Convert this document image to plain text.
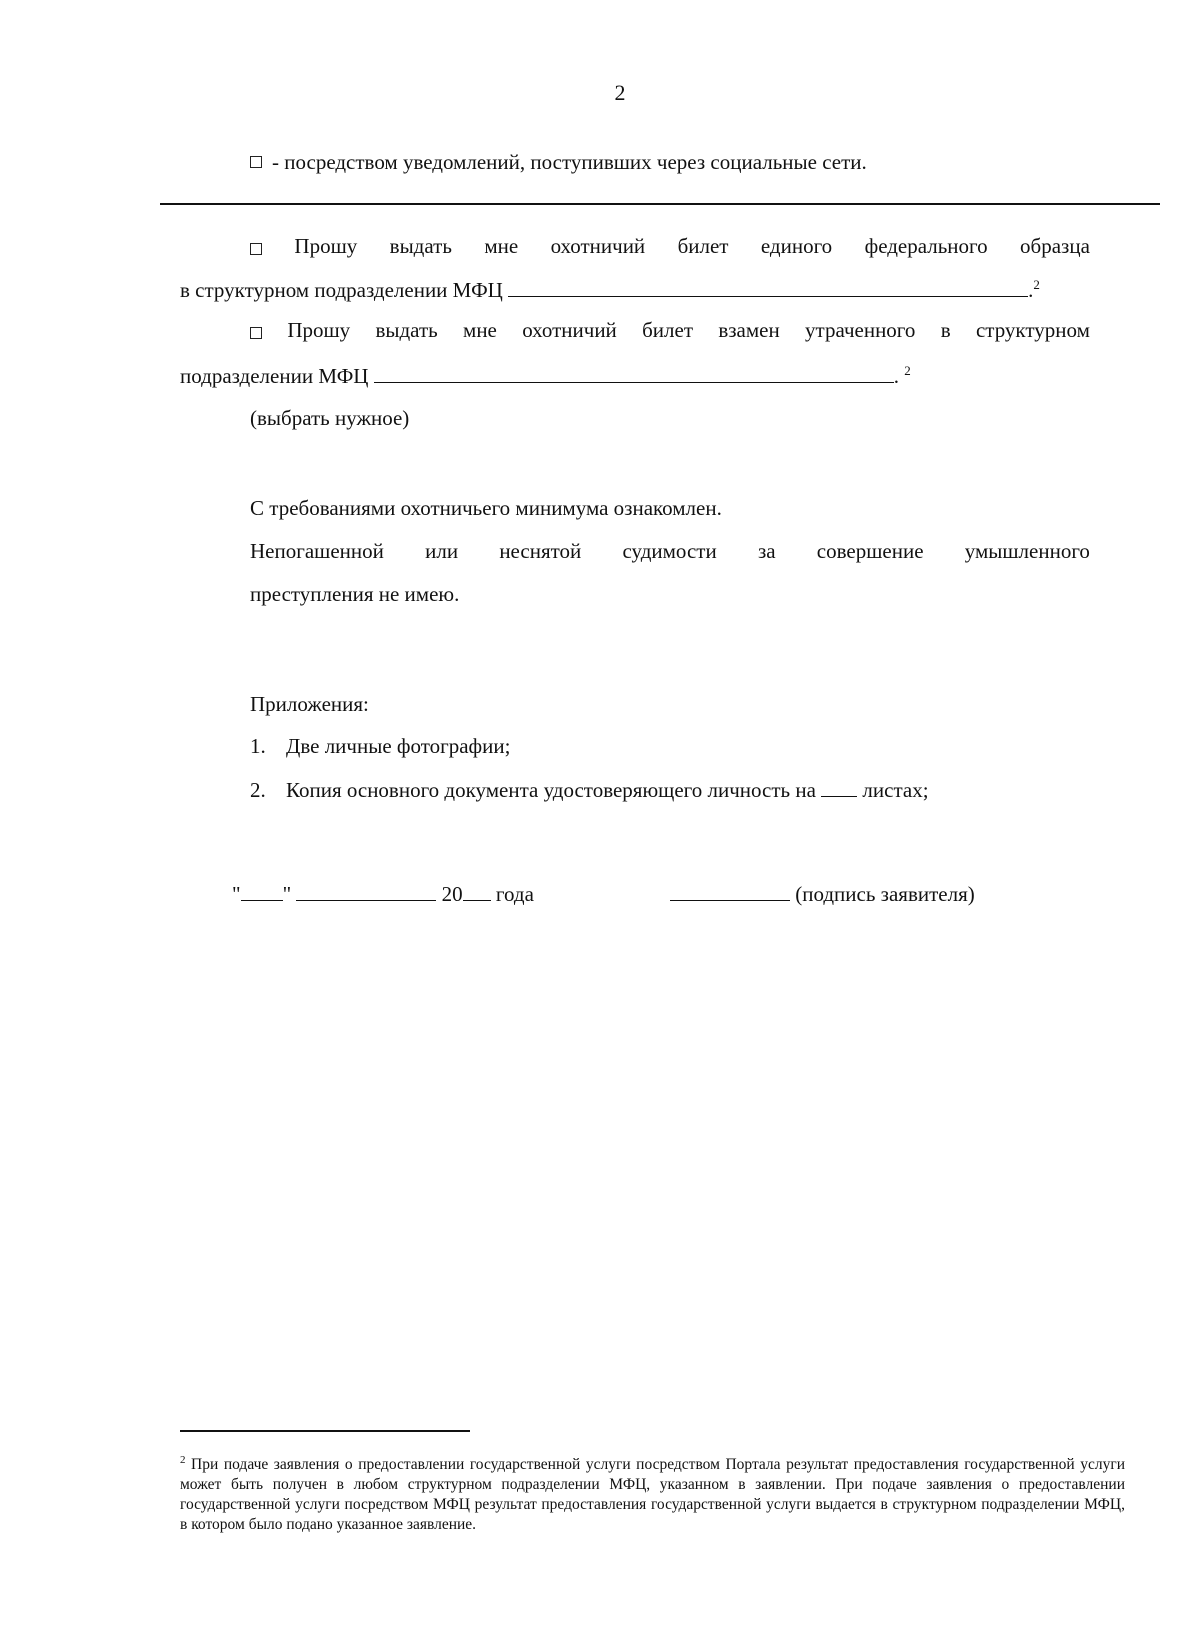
2
- посредством уведомлений, поступивших через социальные сети.
Прошу выдать мне охотничий билет единого федерального образца
в структурном подразделении МФЦ	.$^2$
Прошу выдать мне охотничий билет взамен утраченного в структурном
подразделении МФЦ	. $^2$
(выбрать нужное)
С требованиями охотничьего минимума ознакомлен.
Непогашенной или неснятой судимости за совершение умышленного
преступления не имею.
Приложения:
1. Две личные фотографии;
2. Копия основного документа удостоверяющего личность на листах;
" "	20 года	(подпись заявителя)
$^2$ При подаче заявления о предоставлении государственной услуги посредством Портала результат предоставления государственной услуги может быть получен в любом структурном подразделении МФЦ, указанном в заявлении. При подаче заявления о предоставлении государственной услуги посредством МФЦ результат предоставления государственной услуги выдается в структурном подразделении МФЦ, в котором было подано указанное заявление.
